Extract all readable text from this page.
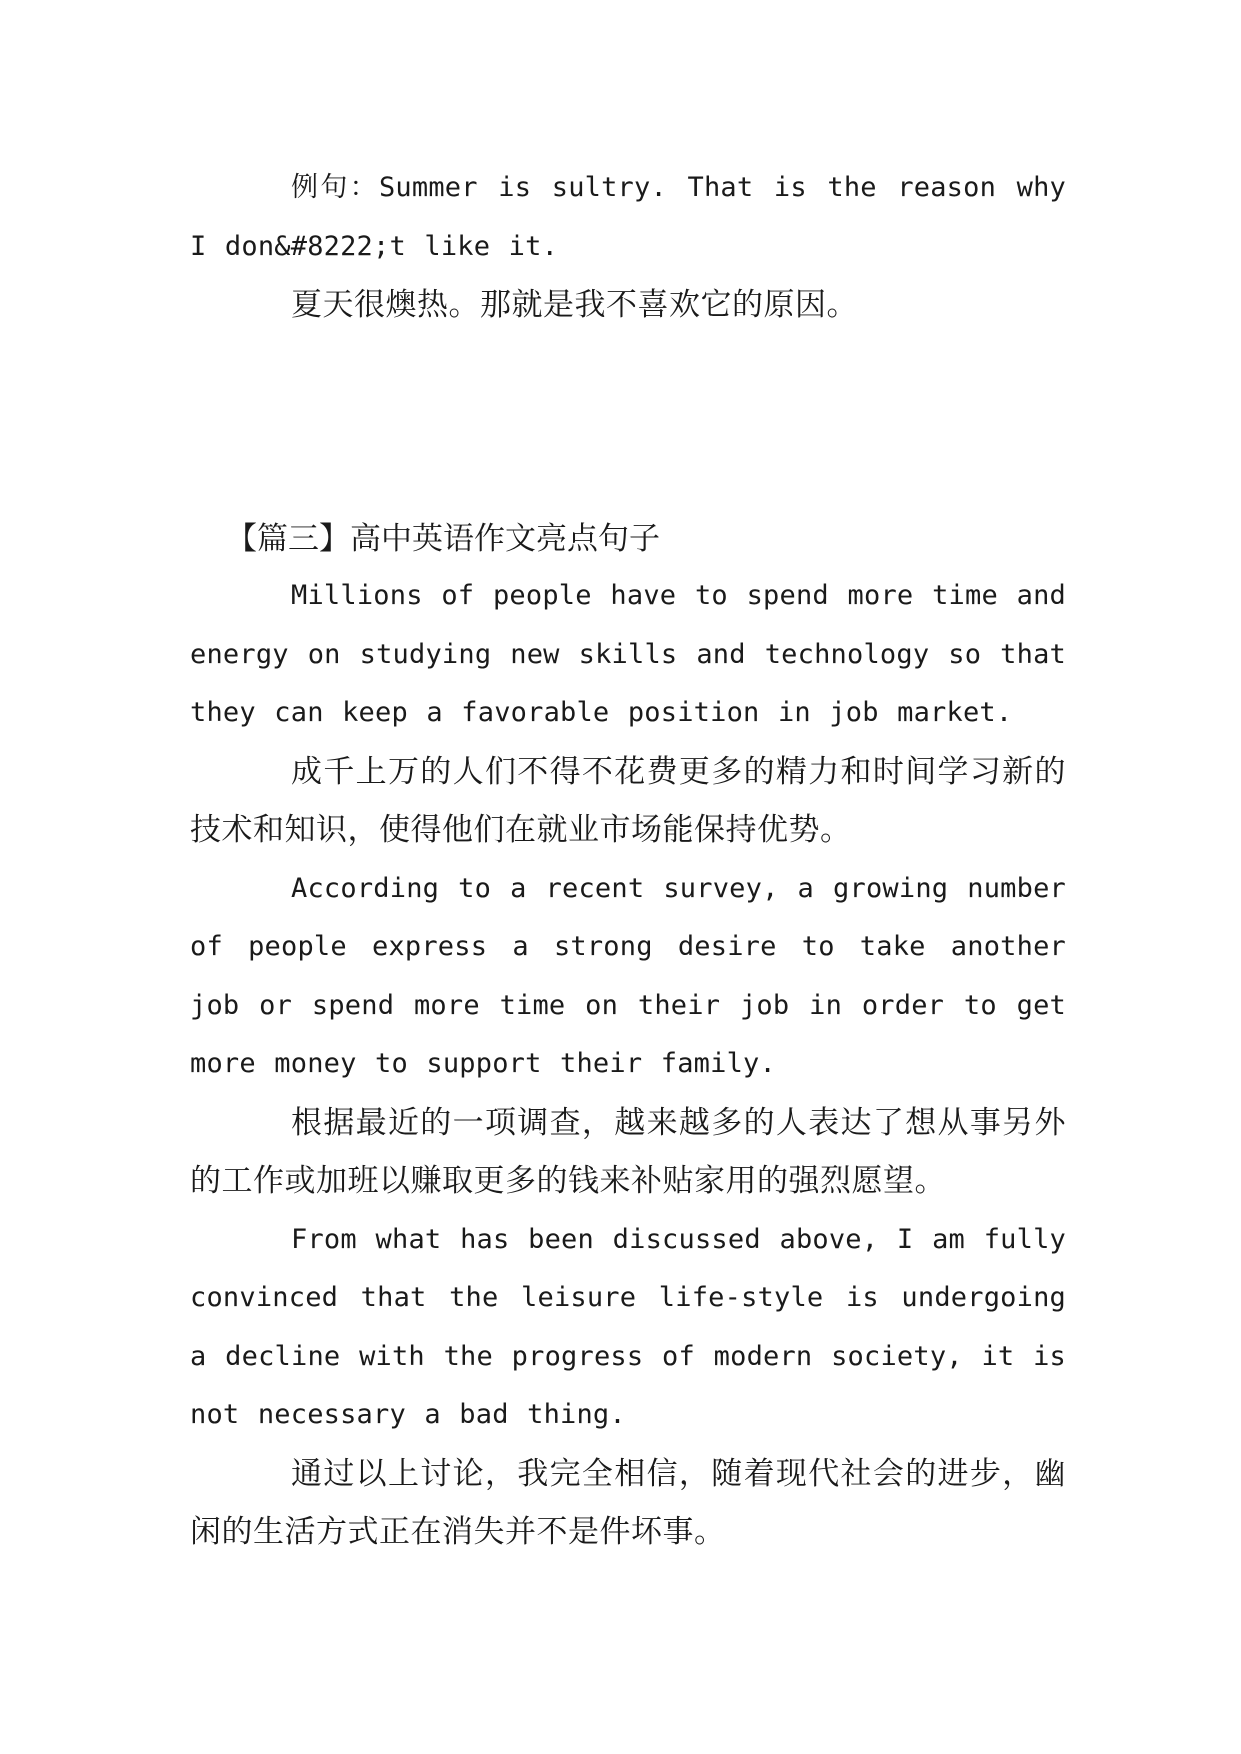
例句：Summer is sultry. That is the reason why I don&#8222;t like it.

夏天很燠热。那就是我不喜欢它的原因。

【篇三】高中英语作文亮点句子

Millions of people have to spend more time and energy on studying new skills and technology so that they can keep a favorable position in job market.

成千上万的人们不得不花费更多的精力和时间学习新的技术和知识，使得他们在就业市场能保持优势。

According to a recent survey, a growing number of people express a strong desire to take another job or spend more time on their job in order to get more money to support their family.

根据最近的一项调查，越来越多的人表达了想从事另外的工作或加班以赚取更多的钱来补贴家用的强烈愿望。

From what has been discussed above, I am fully convinced that the leisure life-style is undergoing a decline with the progress of modern society, it is not necessary a bad thing.

通过以上讨论，我完全相信，随着现代社会的进步，幽闲的生活方式正在消失并不是件坏事。
